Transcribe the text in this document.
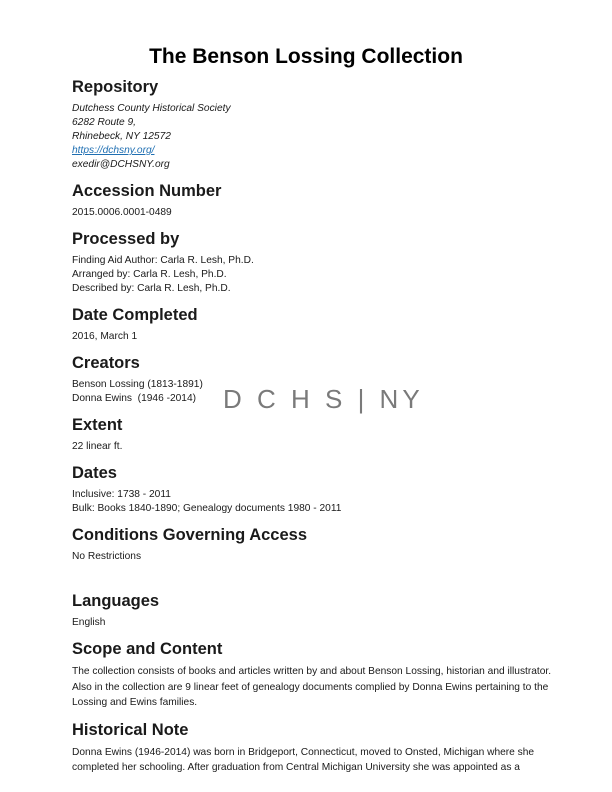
The Benson Lossing Collection
D C H S | NY
Repository

Dutchess County Historical Society

6282 Route 9,

Rhinebeck, NY 12572

https://dchsny.org/

exedir@DCHSNY.org

Accession Number

2015.0006.0001-0489

Processed by

Finding Aid Author: Carla R. Lesh, Ph.D.

Arranged by: Carla R. Lesh, Ph.D.

Described by: Carla R. Lesh, Ph.D.

Date Completed

2016, March 1

Creators

Benson Lossing (1813-1891)

Donna Ewins  (1946 -2014)

Extent

22 linear ft.

Dates

Inclusive: 1738 - 2011

Bulk: Books 1840-1890; Genealogy documents 1980 - 2011

Conditions Governing Access

No Restrictions

Languages

English

Scope and Content

The collection consists of books and articles written by and about Benson Lossing, historian and illustrator. Also in the collection are 9 linear feet of genealogy documents complied by Donna Ewins pertaining to the Lossing and Ewins families.

Historical Note

Donna Ewins (1946-2014) was born in Bridgeport, Connecticut, moved to Onsted, Michigan where she completed her schooling. After graduation from Central Michigan University she was appointed as a
